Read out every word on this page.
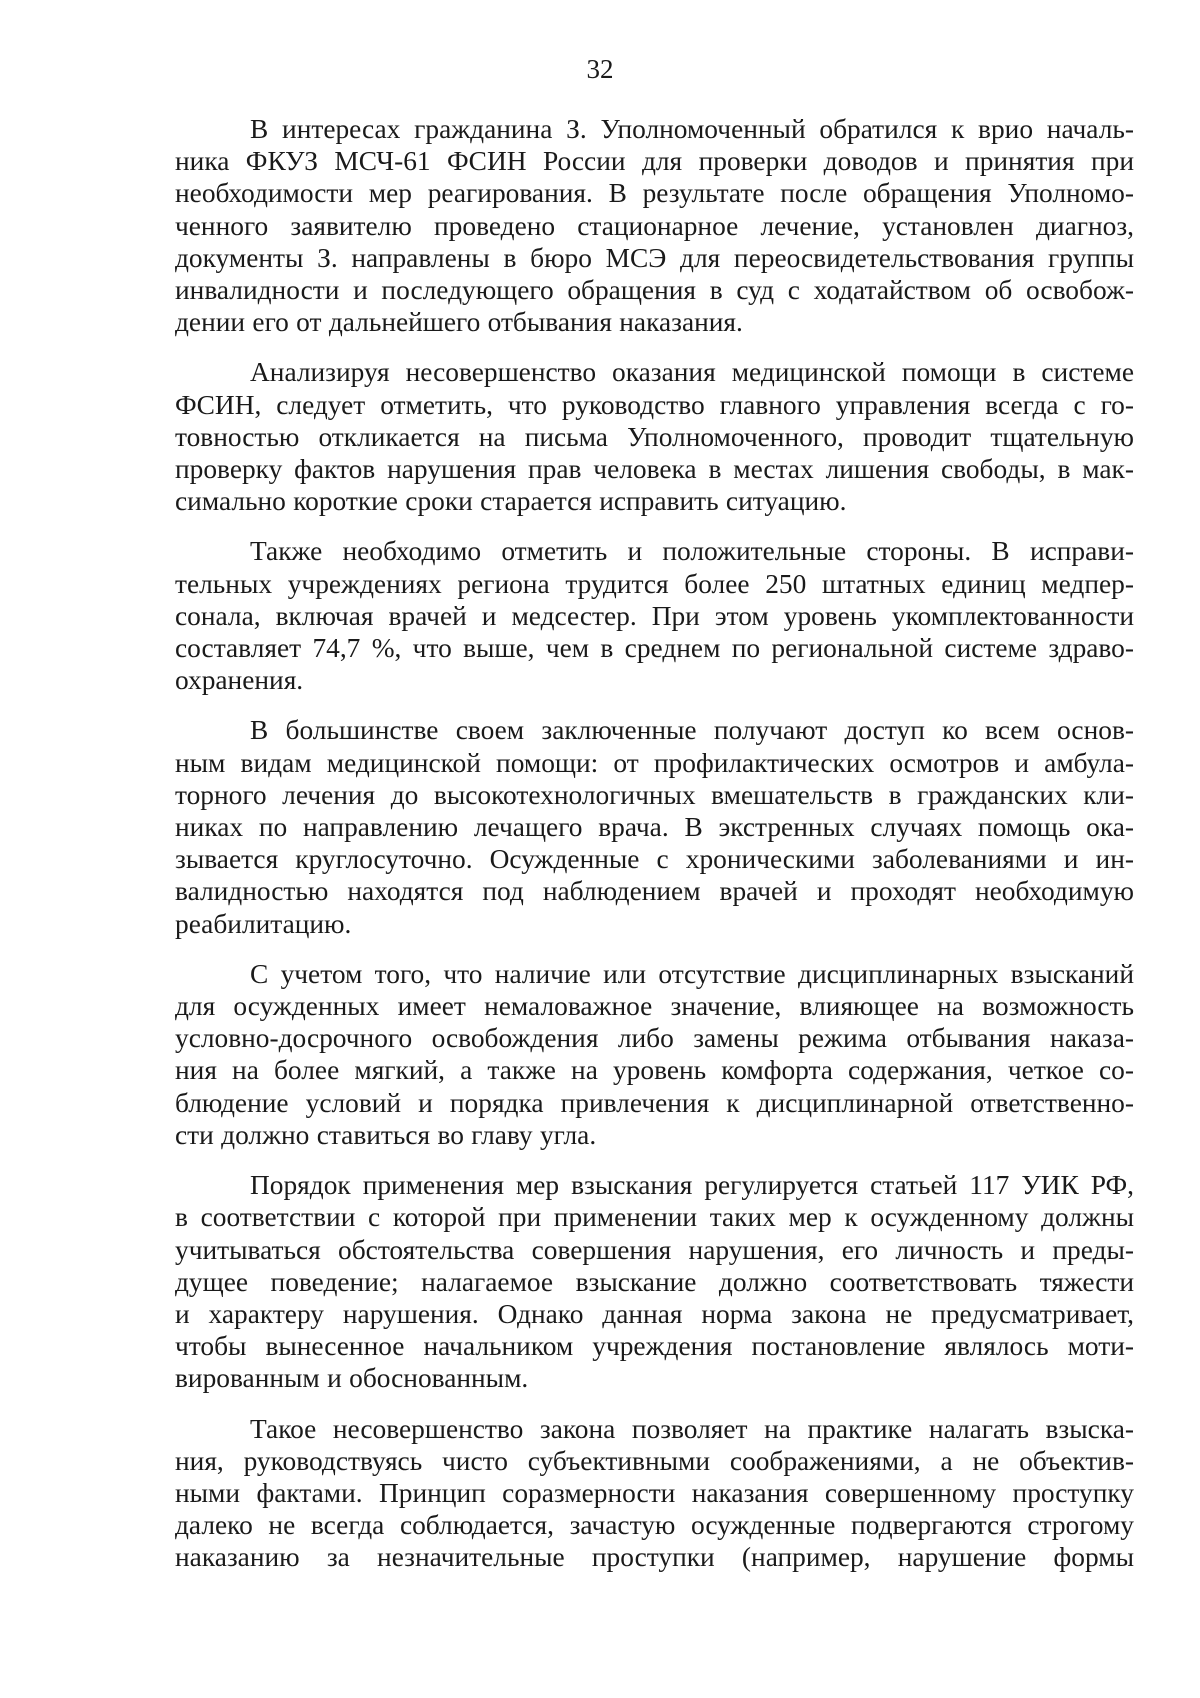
32
В интересах гражданина З. Уполномоченный обратился к врио началь-
ника ФКУЗ МСЧ-61 ФСИН России для проверки доводов и принятия при
необходимости мер реагирования. В результате после обращения Уполномо-
ченного заявителю проведено стационарное лечение, установлен диагноз,
документы З. направлены в бюро МСЭ для переосвидетельствования группы
инвалидности и последующего обращения в суд с ходатайством об освобож-
дении его от дальнейшего отбывания наказания.
Анализируя несовершенство оказания медицинской помощи в системе
ФСИН, следует отметить, что руководство главного управления всегда с го-
товностью откликается на письма Уполномоченного, проводит тщательную
проверку фактов нарушения прав человека в местах лишения свободы, в мак-
симально короткие сроки старается исправить ситуацию.
Также необходимо отметить и положительные стороны. В исправи-
тельных учреждениях региона трудится более 250 штатных единиц медпер-
сонала, включая врачей и медсестер. При этом уровень укомплектованности
составляет 74,7 %, что выше, чем в среднем по региональной системе здраво-
охранения.
В большинстве своем заключенные получают доступ ко всем основ-
ным видам медицинской помощи: от профилактических осмотров и амбула-
торного лечения до высокотехнологичных вмешательств в гражданских кли-
никах по направлению лечащего врача. В экстренных случаях помощь ока-
зывается круглосуточно. Осужденные с хроническими заболеваниями и ин-
валидностью находятся под наблюдением врачей и проходят необходимую
реабилитацию.
С учетом того, что наличие или отсутствие дисциплинарных взысканий
для осужденных имеет немаловажное значение, влияющее на возможность
условно-досрочного освобождения либо замены режима отбывания наказа-
ния на более мягкий, а также на уровень комфорта содержания, четкое со-
блюдение условий и порядка привлечения к дисциплинарной ответственно-
сти должно ставиться во главу угла.
Порядок применения мер взыскания регулируется статьей 117 УИК РФ,
в соответствии с которой при применении таких мер к осужденному должны
учитываться обстоятельства совершения нарушения, его личность и преды-
дущее поведение; налагаемое взыскание должно соответствовать тяжести
и характеру нарушения. Однако данная норма закона не предусматривает,
чтобы вынесенное начальником учреждения постановление являлось моти-
вированным и обоснованным.
Такое несовершенство закона позволяет на практике налагать взыска-
ния, руководствуясь чисто субъективными соображениями, а не объектив-
ными фактами. Принцип соразмерности наказания совершенному проступку
далеко не всегда соблюдается, зачастую осужденные подвергаются строгому
наказанию за незначительные проступки (например, нарушение формы
